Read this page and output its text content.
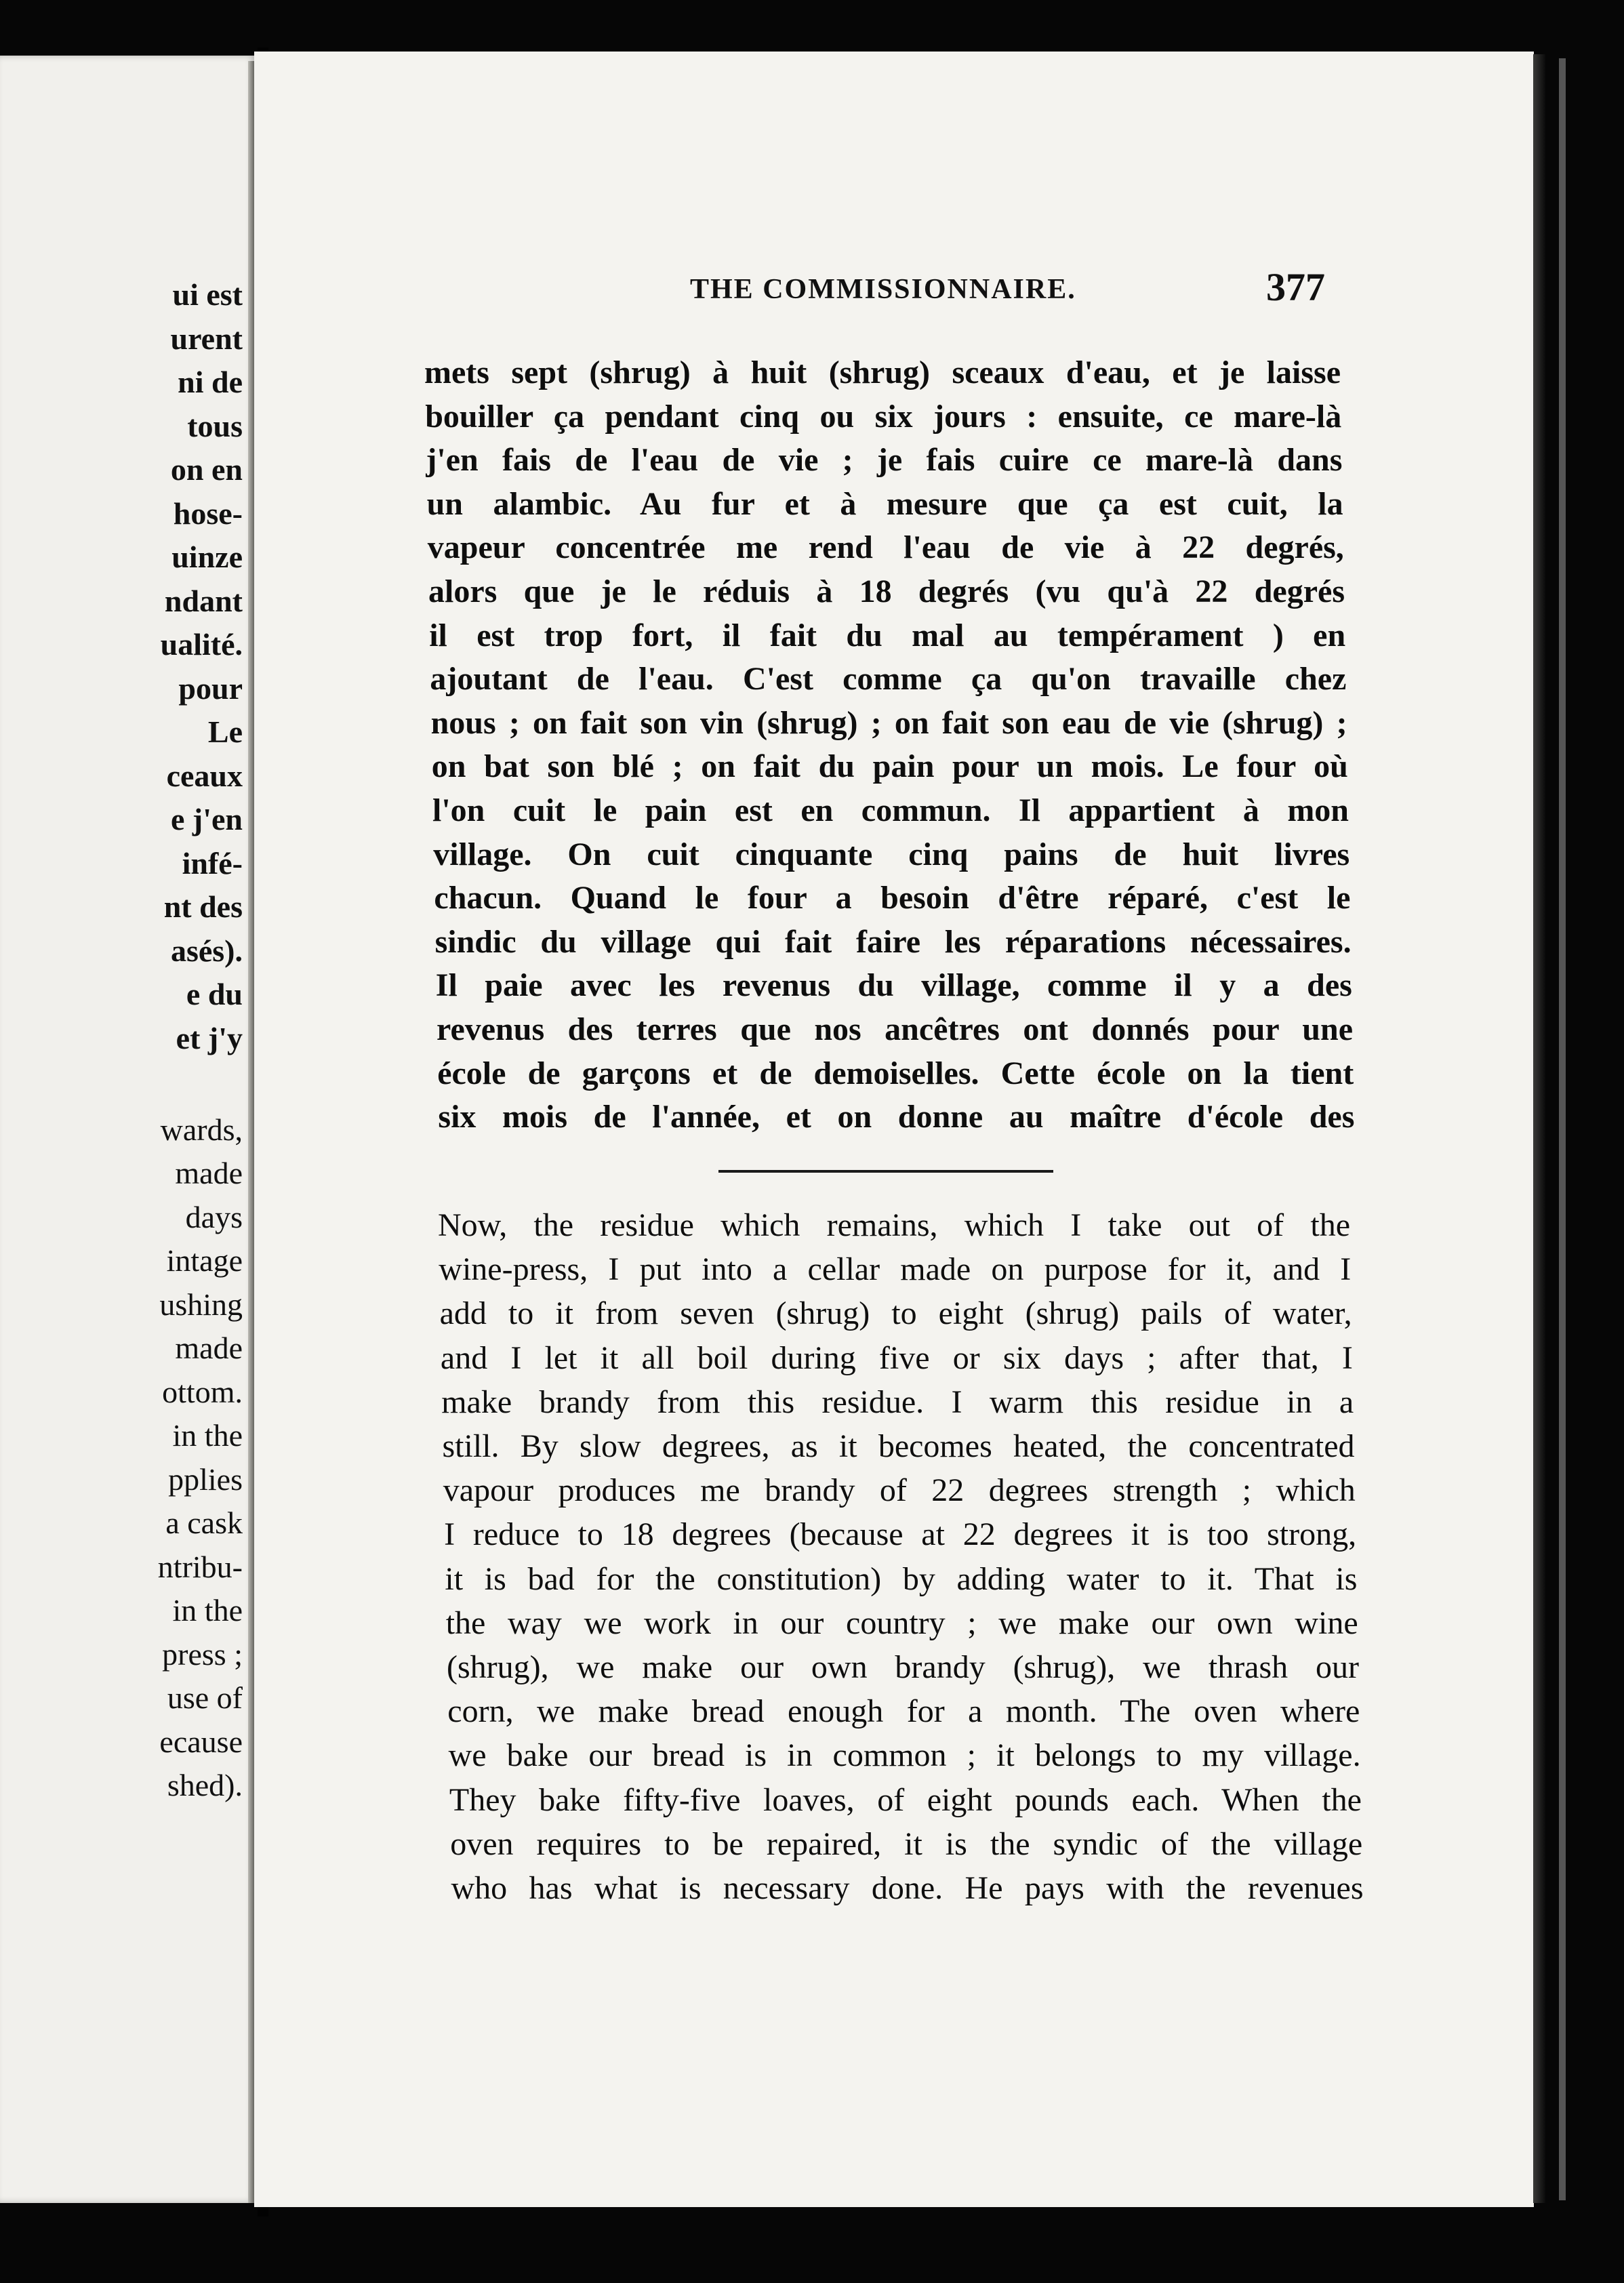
ui est
urent
ni de
tous
on en
hose-
uinze
ndant
ualité.
pour
Le
ceaux
e j'en
infé-
nt des
asés).
e du
et j'y
wards,
made
days
intage
ushing
made
ottom.
in the
pplies
a cask
ntribu-
in the
press ;
use of
ecause
shed).
THE COMMISSIONNAIRE.	377
mets sept (shrug) à huit (shrug) sceaux d'eau, et je laisse
bouiller ça pendant cinq ou six jours : ensuite, ce mare-là
j'en fais de l'eau de vie ; je fais cuire ce mare-là dans
un alambic. Au fur et à mesure que ça est cuit, la
vapeur concentrée me rend l'eau de vie à 22 degrés,
alors que je le réduis à 18 degrés (vu qu'à 22 degrés
il est trop fort, il fait du mal au tempérament ) en
ajoutant de l'eau. C'est comme ça qu'on travaille chez
nous ; on fait son vin (shrug) ; on fait son eau de vie (shrug) ;
on bat son blé ; on fait du pain pour un mois. Le four où
l'on cuit le pain est en commun. Il appartient à mon
village. On cuit cinquante cinq pains de huit livres
chacun. Quand le four a besoin d'être réparé, c'est le
sindic du village qui fait faire les réparations nécessaires.
Il paie avec les revenus du village, comme il y a des
revenus des terres que nos ancêtres ont donnés pour une
école de garçons et de demoiselles. Cette école on la tient
six mois de l'année, et on donne au maître d'école des
Now, the residue which remains, which I take out of the
wine-press, I put into a cellar made on purpose for it, and I
add to it from seven (shrug) to eight (shrug) pails of water,
and I let it all boil during five or six days ; after that, I
make brandy from this residue. I warm this residue in a
still. By slow degrees, as it becomes heated, the concentrated
vapour produces me brandy of 22 degrees strength ; which
I reduce to 18 degrees (because at 22 degrees it is too strong,
it is bad for the constitution) by adding water to it. That is
the way we work in our country ; we make our own wine
(shrug), we make our own brandy (shrug), we thrash our
corn, we make bread enough for a month. The oven where
we bake our bread is in common ; it belongs to my village.
They bake fifty-five loaves, of eight pounds each. When the
oven requires to be repaired, it is the syndic of the village
who has what is necessary done. He pays with the revenues
